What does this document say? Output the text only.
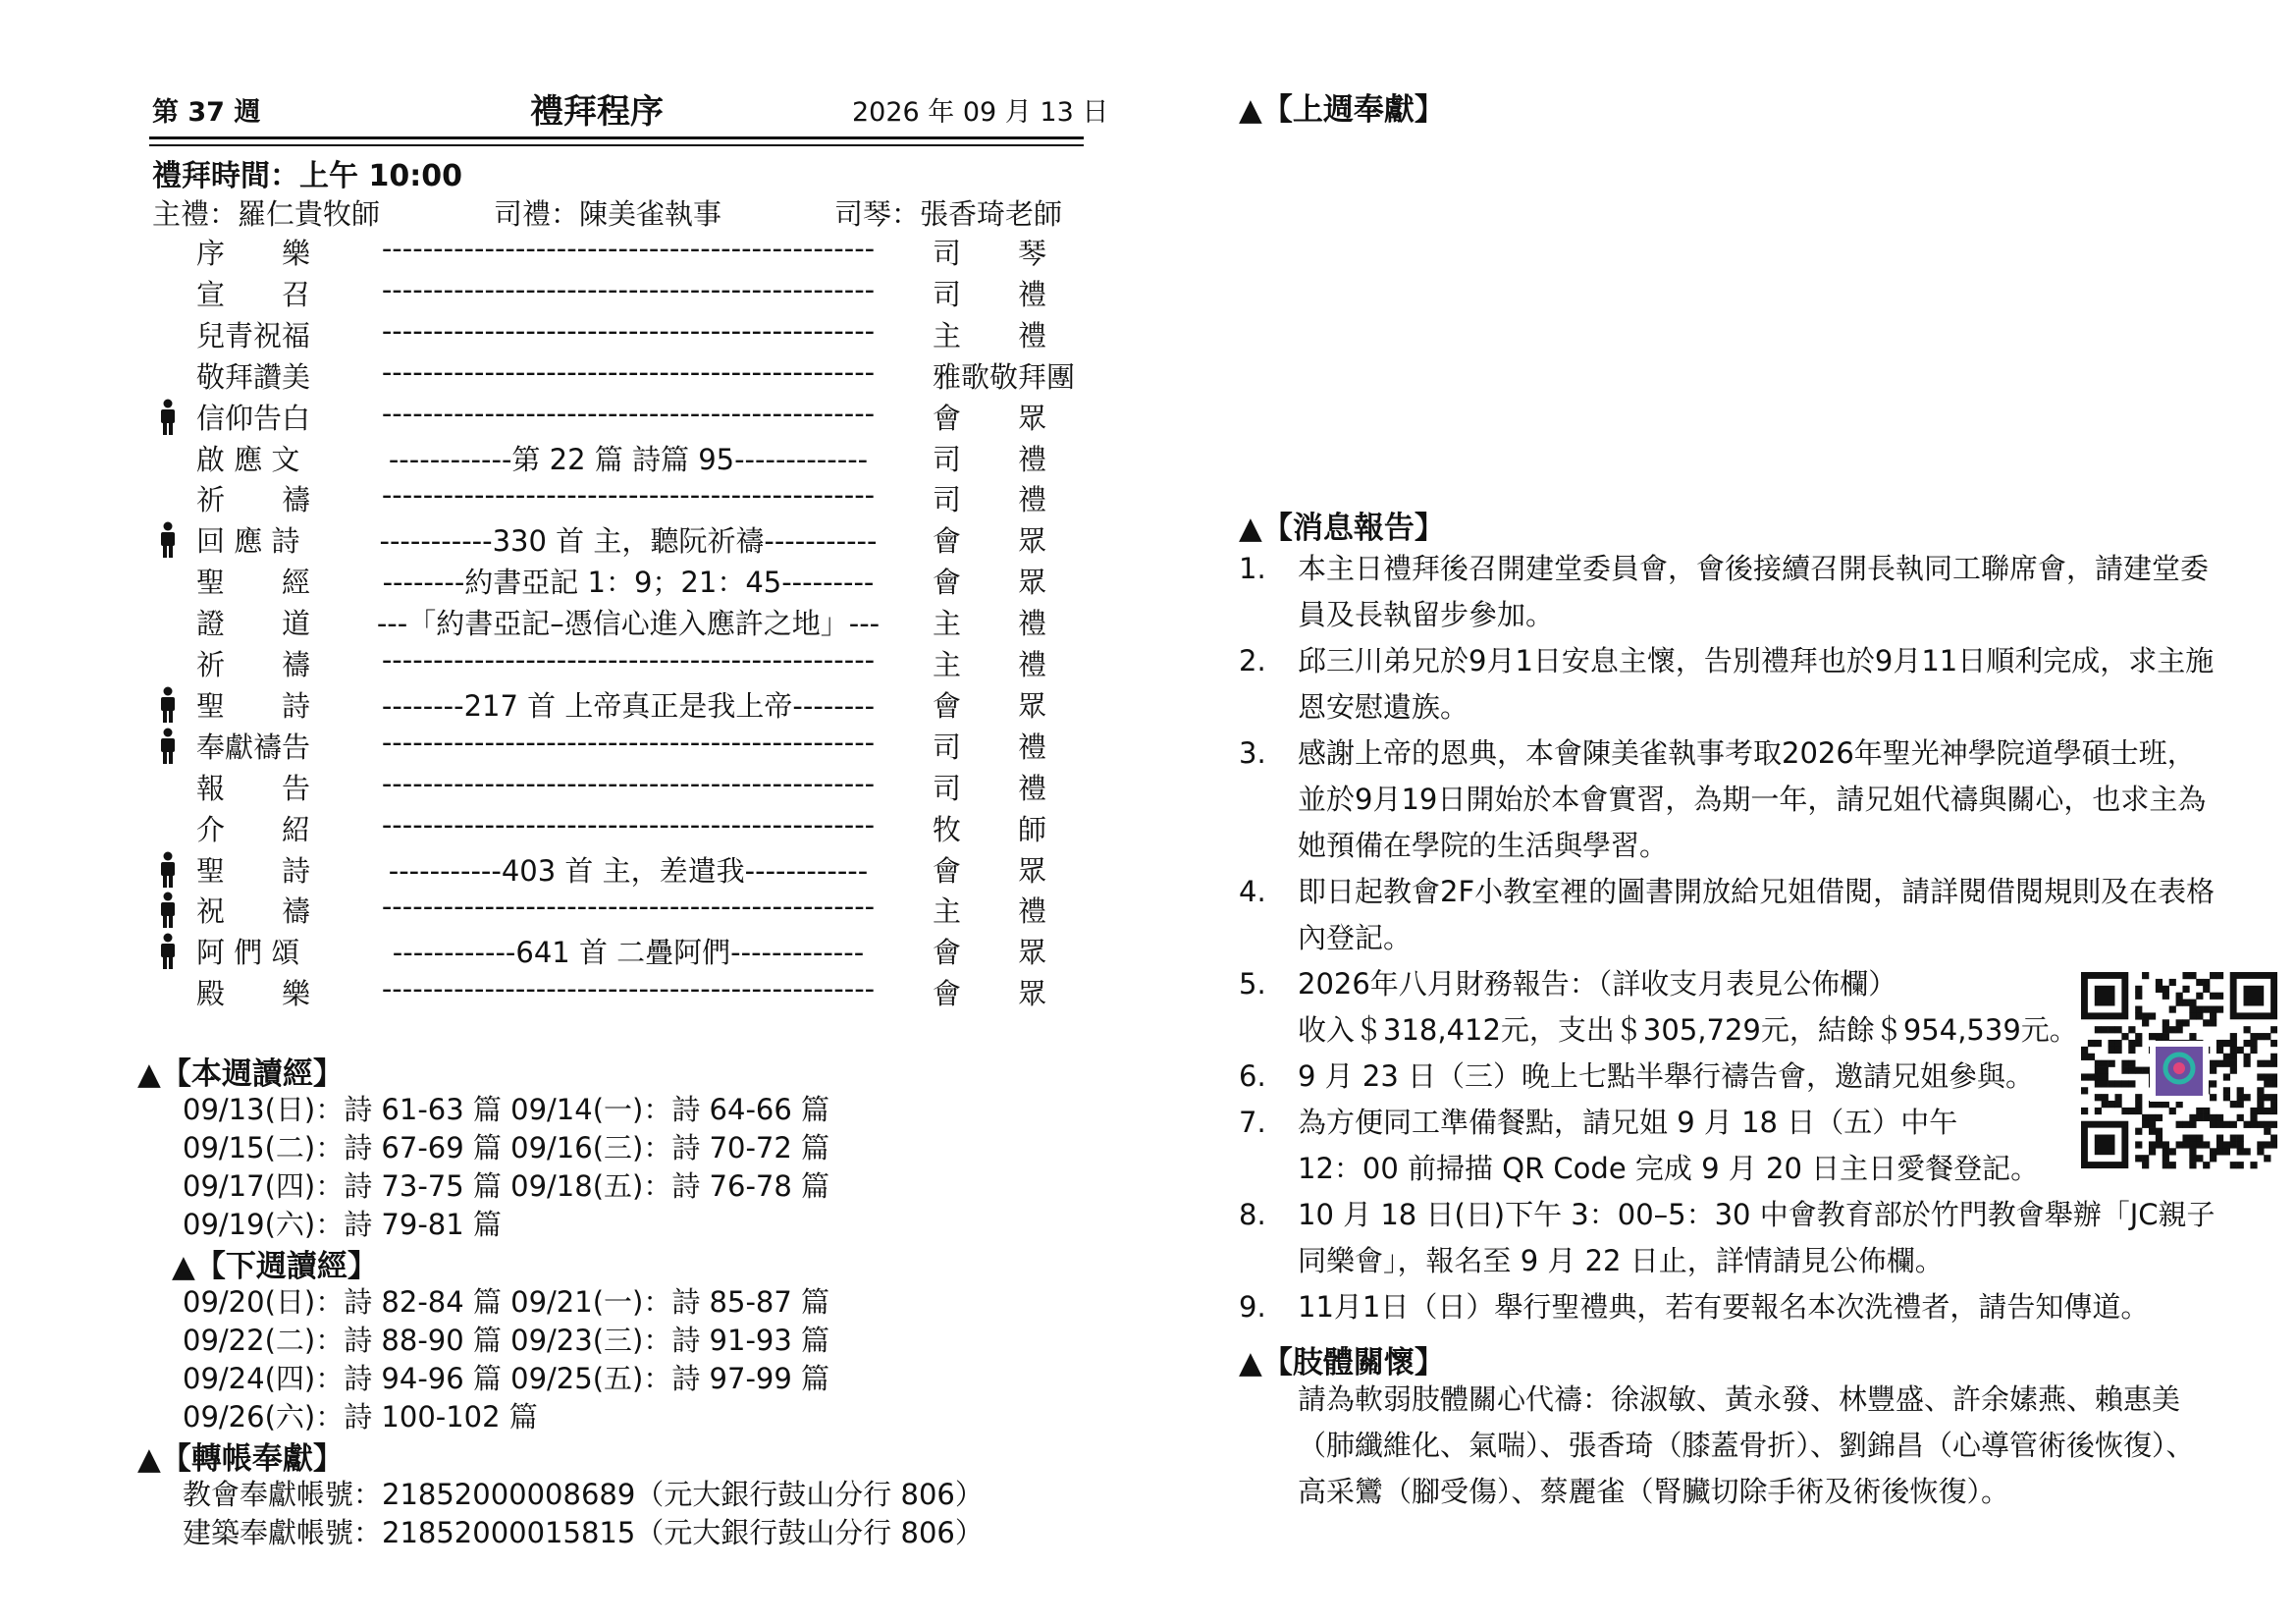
第 37 週	禮拜程序	2026 年 09 月 13 日
禮拜時間：上午 10:00
主禮：羅仁貴牧師	司禮：陳美雀執事	司琴：張香琦老師
序　　樂	------------------------------------------------	司　　琴
宣　　召	------------------------------------------------	司　　禮
兒青祝福	------------------------------------------------	主　　禮
敬拜讚美	------------------------------------------------	雅歌敬拜團
信仰告白	------------------------------------------------	會　　眾
啟 應 文	------------第 22 篇 詩篇 95-------------	司　　禮
祈　　禱	------------------------------------------------	司　　禮
回 應 詩	-----------330 首 主，聽阮祈禱-----------	會　　眾
聖　　經	--------約書亞記 1：9；21：45---------	會　　眾
證　　道	---「約書亞記–憑信心進入應許之地」---	主　　禮
祈　　禱	------------------------------------------------	主　　禮
聖　　詩	--------217 首 上帝真正是我上帝--------	會　　眾
奉獻禱告	------------------------------------------------	司　　禮
報　　告	------------------------------------------------	司　　禮
介　　紹	------------------------------------------------	牧　　師
聖　　詩	-----------403 首 主，差遣我------------	會　　眾
祝　　禱	------------------------------------------------	主　　禮
阿 們 頌	------------641 首 二疊阿們-------------	會　　眾
殿　　樂	------------------------------------------------	會　　眾
▲【本週讀經】
09/13(日)：詩 61-63 篇 09/14(一)：詩 64-66 篇
09/15(二)：詩 67-69 篇 09/16(三)：詩 70-72 篇
09/17(四)：詩 73-75 篇 09/18(五)：詩 76-78 篇
09/19(六)：詩 79-81 篇
▲【下週讀經】
09/20(日)：詩 82-84 篇 09/21(一)：詩 85-87 篇
09/22(二)：詩 88-90 篇 09/23(三)：詩 91-93 篇
09/24(四)：詩 94-96 篇 09/25(五)：詩 97-99 篇
09/26(六)：詩 100-102 篇
▲【轉帳奉獻】
教會奉獻帳號：21852000008689（元大銀行鼓山分行 806）
建築奉獻帳號：21852000015815（元大銀行鼓山分行 806）
▲【上週奉獻】
▲【消息報告】
1. 本主日禮拜後召開建堂委員會，會後接續召開長執同工聯席會，請建堂委員及長執留步參加。
2. 邱三川弟兄於9月1日安息主懷，告別禮拜也於9月11日順利完成，求主施恩安慰遺族。
3. 感謝上帝的恩典，本會陳美雀執事考取2026年聖光神學院道學碩士班，並於9月19日開始於本會實習，為期一年，請兄姐代禱與關心，也求主為她預備在學院的生活與學習。
4. 即日起教會2F小教室裡的圖書開放給兄姐借閱，請詳閱借閱規則及在表格內登記。
5. 2026年八月財務報告：（詳收支月表見公佈欄）
收入＄318,412元，支出＄305,729元，結餘＄954,539元。
6. 9 月 23 日（三）晚上七點半舉行禱告會，邀請兄姐參與。
7. 為方便同工準備餐點，請兄姐 9 月 18 日（五）中午
12：00 前掃描 QR Code 完成 9 月 20 日主日愛餐登記。
8. 10 月 18 日(日)下午 3：00–5：30 中會教育部於竹門教會舉辦「JC親子同樂會」，報名至 9 月 22 日止，詳情請見公佈欄。
9. 11月1日（日）舉行聖禮典，若有要報名本次洗禮者，請告知傳道。
▲【肢體關懷】
請為軟弱肢體關心代禱：徐淑敏、黃永發、林豐盛、許余嫊燕、賴惠美（肺纖維化、氣喘）、張香琦（膝蓋骨折）、劉錦昌（心導管術後恢復）、高采鸞（腳受傷）、蔡麗雀（腎臟切除手術及術後恢復）。
